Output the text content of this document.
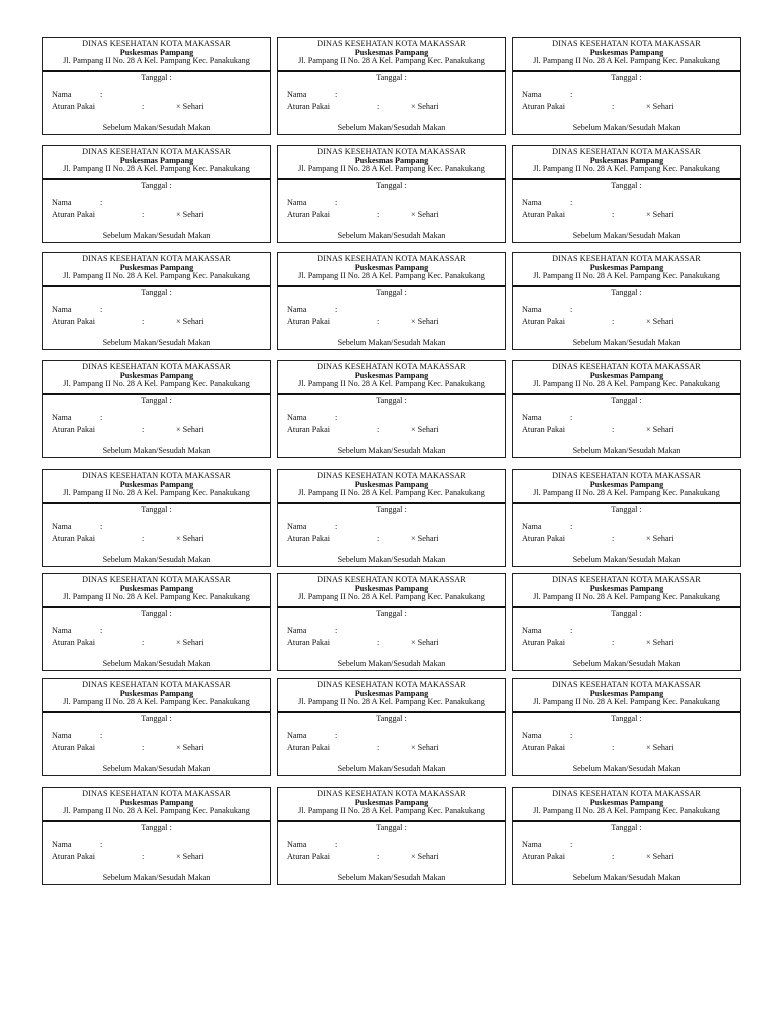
DINAS KESEHATAN KOTA MAKASSAR
Puskesmas Pampang
Jl. Pampang II No. 28 A Kel. Pampang Kec. Panakukang
Tanggal :
Nama	:
Aturan Pakai	:	× Sehari
Sebelum Makan/Sesudah Makan
DINAS KESEHATAN KOTA MAKASSAR
Puskesmas Pampang
Jl. Pampang II No. 28 A Kel. Pampang Kec. Panakukang
Tanggal :
Nama	:
Aturan Pakai	:	× Sehari
Sebelum Makan/Sesudah Makan
DINAS KESEHATAN KOTA MAKASSAR
Puskesmas Pampang
Jl. Pampang II No. 28 A Kel. Pampang Kec. Panakukang
Tanggal :
Nama	:
Aturan Pakai	:	× Sehari
Sebelum Makan/Sesudah Makan
DINAS KESEHATAN KOTA MAKASSAR
Puskesmas Pampang
Jl. Pampang II No. 28 A Kel. Pampang Kec. Panakukang
Tanggal :
Nama	:
Aturan Pakai	:	× Sehari
Sebelum Makan/Sesudah Makan
DINAS KESEHATAN KOTA MAKASSAR
Puskesmas Pampang
Jl. Pampang II No. 28 A Kel. Pampang Kec. Panakukang
Tanggal :
Nama	:
Aturan Pakai	:	× Sehari
Sebelum Makan/Sesudah Makan
DINAS KESEHATAN KOTA MAKASSAR
Puskesmas Pampang
Jl. Pampang II No. 28 A Kel. Pampang Kec. Panakukang
Tanggal :
Nama	:
Aturan Pakai	:	× Sehari
Sebelum Makan/Sesudah Makan
DINAS KESEHATAN KOTA MAKASSAR
Puskesmas Pampang
Jl. Pampang II No. 28 A Kel. Pampang Kec. Panakukang
Tanggal :
Nama	:
Aturan Pakai	:	× Sehari
Sebelum Makan/Sesudah Makan
DINAS KESEHATAN KOTA MAKASSAR
Puskesmas Pampang
Jl. Pampang II No. 28 A Kel. Pampang Kec. Panakukang
Tanggal :
Nama	:
Aturan Pakai	:	× Sehari
Sebelum Makan/Sesudah Makan
DINAS KESEHATAN KOTA MAKASSAR
Puskesmas Pampang
Jl. Pampang II No. 28 A Kel. Pampang Kec. Panakukang
Tanggal :
Nama	:
Aturan Pakai	:	× Sehari
Sebelum Makan/Sesudah Makan
DINAS KESEHATAN KOTA MAKASSAR
Puskesmas Pampang
Jl. Pampang II No. 28 A Kel. Pampang Kec. Panakukang
Tanggal :
Nama	:
Aturan Pakai	:	× Sehari
Sebelum Makan/Sesudah Makan
DINAS KESEHATAN KOTA MAKASSAR
Puskesmas Pampang
Jl. Pampang II No. 28 A Kel. Pampang Kec. Panakukang
Tanggal :
Nama	:
Aturan Pakai	:	× Sehari
Sebelum Makan/Sesudah Makan
DINAS KESEHATAN KOTA MAKASSAR
Puskesmas Pampang
Jl. Pampang II No. 28 A Kel. Pampang Kec. Panakukang
Tanggal :
Nama	:
Aturan Pakai	:	× Sehari
Sebelum Makan/Sesudah Makan
DINAS KESEHATAN KOTA MAKASSAR
Puskesmas Pampang
Jl. Pampang II No. 28 A Kel. Pampang Kec. Panakukang
Tanggal :
Nama	:
Aturan Pakai	:	× Sehari
Sebelum Makan/Sesudah Makan
DINAS KESEHATAN KOTA MAKASSAR
Puskesmas Pampang
Jl. Pampang II No. 28 A Kel. Pampang Kec. Panakukang
Tanggal :
Nama	:
Aturan Pakai	:	× Sehari
Sebelum Makan/Sesudah Makan
DINAS KESEHATAN KOTA MAKASSAR
Puskesmas Pampang
Jl. Pampang II No. 28 A Kel. Pampang Kec. Panakukang
Tanggal :
Nama	:
Aturan Pakai	:	× Sehari
Sebelum Makan/Sesudah Makan
DINAS KESEHATAN KOTA MAKASSAR
Puskesmas Pampang
Jl. Pampang II No. 28 A Kel. Pampang Kec. Panakukang
Tanggal :
Nama	:
Aturan Pakai	:	× Sehari
Sebelum Makan/Sesudah Makan
DINAS KESEHATAN KOTA MAKASSAR
Puskesmas Pampang
Jl. Pampang II No. 28 A Kel. Pampang Kec. Panakukang
Tanggal :
Nama	:
Aturan Pakai	:	× Sehari
Sebelum Makan/Sesudah Makan
DINAS KESEHATAN KOTA MAKASSAR
Puskesmas Pampang
Jl. Pampang II No. 28 A Kel. Pampang Kec. Panakukang
Tanggal :
Nama	:
Aturan Pakai	:	× Sehari
Sebelum Makan/Sesudah Makan
DINAS KESEHATAN KOTA MAKASSAR
Puskesmas Pampang
Jl. Pampang II No. 28 A Kel. Pampang Kec. Panakukang
Tanggal :
Nama	:
Aturan Pakai	:	× Sehari
Sebelum Makan/Sesudah Makan
DINAS KESEHATAN KOTA MAKASSAR
Puskesmas Pampang
Jl. Pampang II No. 28 A Kel. Pampang Kec. Panakukang
Tanggal :
Nama	:
Aturan Pakai	:	× Sehari
Sebelum Makan/Sesudah Makan
DINAS KESEHATAN KOTA MAKASSAR
Puskesmas Pampang
Jl. Pampang II No. 28 A Kel. Pampang Kec. Panakukang
Tanggal :
Nama	:
Aturan Pakai	:	× Sehari
Sebelum Makan/Sesudah Makan
DINAS KESEHATAN KOTA MAKASSAR
Puskesmas Pampang
Jl. Pampang II No. 28 A Kel. Pampang Kec. Panakukang
Tanggal :
Nama	:
Aturan Pakai	:	× Sehari
Sebelum Makan/Sesudah Makan
DINAS KESEHATAN KOTA MAKASSAR
Puskesmas Pampang
Jl. Pampang II No. 28 A Kel. Pampang Kec. Panakukang
Tanggal :
Nama	:
Aturan Pakai	:	× Sehari
Sebelum Makan/Sesudah Makan
DINAS KESEHATAN KOTA MAKASSAR
Puskesmas Pampang
Jl. Pampang II No. 28 A Kel. Pampang Kec. Panakukang
Tanggal :
Nama	:
Aturan Pakai	:	× Sehari
Sebelum Makan/Sesudah Makan
